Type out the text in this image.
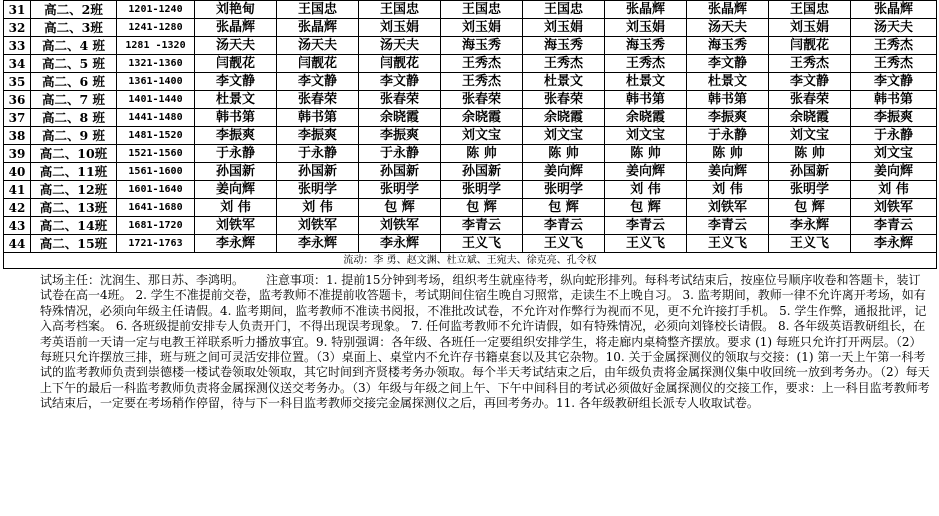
31	高二、2班	1201-1240	刘艳甸	王国忠	王国忠	王国忠	王国忠	张晶辉	张晶辉	王国忠	张晶辉
32	高二、3班	1241-1280	张晶辉	张晶辉	刘玉娟	刘玉娟	刘玉娟	刘玉娟	汤天夫	刘玉娟	汤天夫
33	高二、4 班	1281 -1320	汤天夫	汤天夫	汤天夫	海玉秀	海玉秀	海玉秀	海玉秀	闫靓花	王秀杰
34	高二、5 班	1321-1360	闫靓花	闫靓花	闫靓花	王秀杰	王秀杰	王秀杰	李文静	王秀杰	王秀杰
35	高二、6 班	1361-1400	李文静	李文静	李文静	王秀杰	杜景文	杜景文	杜景文	李文静	李文静
36	高二、7 班	1401-1440	杜景文	张春荣	张春荣	张春荣	张春荣	韩书第	韩书第	张春荣	韩书第
37	高二、8 班	1441-1480	韩书第	韩书第	余晓霞	余晓霞	余晓霞	余晓霞	李振爽	余晓霞	李振爽
38	高二、9 班	1481-1520	李振爽	李振爽	李振爽	刘文宝	刘文宝	刘文宝	于永静	刘文宝	于永静
39	高二、10班	1521-1560	于永静	于永静	于永静	陈 帅	陈 帅	陈 帅	陈 帅	陈 帅	刘文宝
40	高二、11班	1561-1600	孙国新	孙国新	孙国新	孙国新	姜向辉	姜向辉	姜向辉	孙国新	姜向辉
41	高二、12班	1601-1640	姜向辉	张明学	张明学	张明学	张明学	刘 伟	刘 伟	张明学	刘 伟
42	高二、13班	1641-1680	刘 伟	刘 伟	包 辉	包 辉	包 辉	包 辉	刘铁军	包 辉	刘铁军
43	高二、14班	1681-1720	刘铁军	刘铁军	刘铁军	李青云	李青云	李青云	李青云	李永辉	李青云
44	高二、15班	1721-1763	李永辉	李永辉	李永辉	王义飞	王义飞	王义飞	王义飞	王义飞	李永辉
流动：李 勇、赵文渊、杜立斌、王宛夫、徐克亮、孔令权											

试场主任：沈润生、那日苏、李鸿明。 注意事项：1. 提前15分钟到考场，组织考生就座待考，纵向蛇形排列。每科考试结束后，按座位号顺序收卷和答题卡，装订试卷在高一4班。 2. 学生不准提前交卷，监考教师不准提前收答题卡，考试期间住宿生晚自习照常，走读生不上晚自习。 3. 监考期间，教师一律不允许离开考场，如有特殊情况，必须向年级主任请假。4. 监考期间，监考教师不准读书阅报，不准批改试卷，不允许对作弊行为视而不见，更不允许接打手机。 5. 学生作弊，通报批评，记入高考档案。 6. 各班级提前安排专人负责开门，不得出现误考现象。 7. 任何监考教师不允许请假，如有特殊情况，必须向刘锋校长请假。 8. 各年级英语教研组长，在考英语前一天请一定与电教王祥联系听力播放事宜。9. 特别强调：各年级、各班任一定要组织安排学生，将走廊内桌椅整齐摆放。要求 (1) 每班只允许打开两层。（2）每班只允许摆放三排，班与班之间可灵活安排位置。（3）桌面上、桌堂内不允许存书籍桌套以及其它杂物。10. 关于金属探测仪的领取与交接：(1) 第一天上午第一科考试的监考教师负责到崇德楼一楼试卷领取处领取，其它时间到齐贤楼考务办领取。每个半天考试结束之后，由年级负责将金属探测仪集中收回统一放到考务办。（2）每天上下午的最后一科监考教师负责将金属探测仪送交考务办。（3）年级与年级之间上午、下午中间科目的考试必须做好金属探测仪的交接工作，要求：上一科目监考教师考试结束后，一定要在考场稍作停留，待与下一科目监考教师交接完金属探测仪之后，再回考务办。11. 各年级教研组长派专人收取试卷。
